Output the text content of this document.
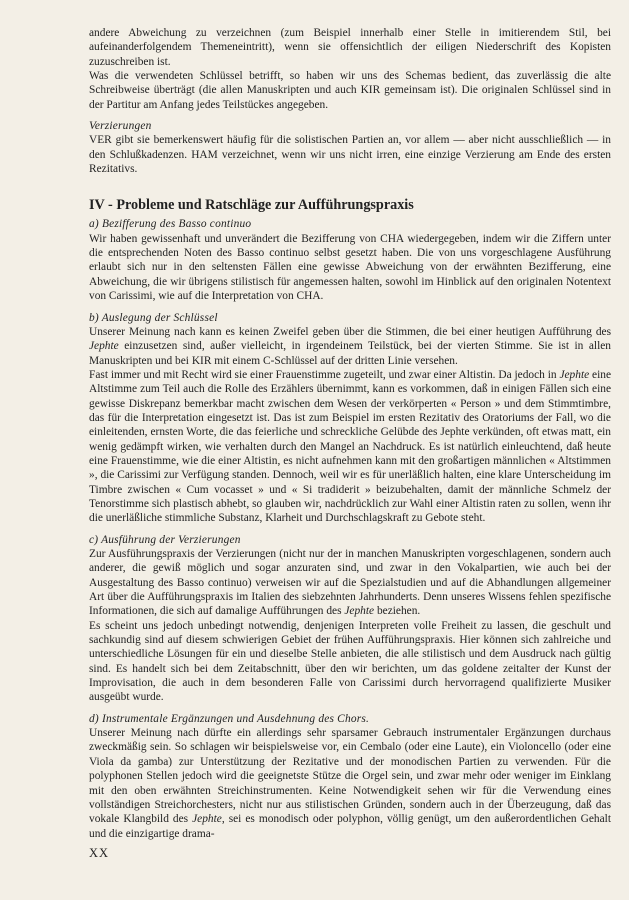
andere Abweichung zu verzeichnen (zum Beispiel innerhalb einer Stelle in imitierendem Stil, bei aufeinanderfolgendem Themeneintritt), wenn sie offensichtlich der eiligen Niederschrift des Kopisten zuzuschreiben ist.

Was die verwendeten Schlüssel betrifft, so haben wir uns des Schemas bedient, das zuverlässig die alte Schreibweise überträgt (die allen Manuskripten und auch KIR gemeinsam ist). Die originalen Schlüssel sind in der Partitur am Anfang jedes Teilstückes angegeben.

Verzierungen

VER gibt sie bemerkenswert häufig für die solistischen Partien an, vor allem — aber nicht ausschließlich — in den Schlußkadenzen. HAM verzeichnet, wenn wir uns nicht irren, eine einzige Verzierung am Ende des ersten Rezitativs.

IV - Probleme und Ratschläge zur Aufführungspraxis

a) Bezifferung des Basso continuo

Wir haben gewissenhaft und unverändert die Bezifferung von CHA wiedergegeben, indem wir die Ziffern unter die entsprechenden Noten des Basso continuo selbst gesetzt haben. Die von uns vorgeschlagene Ausführung erlaubt sich nur in den seltensten Fällen eine gewisse Abweichung von der erwähnten Bezifferung, eine Abweichung, die wir übrigens stilistisch für angemessen halten, sowohl im Hinblick auf den originalen Notentext von Carissimi, wie auf die Interpretation von CHA.

b) Auslegung der Schlüssel

Unserer Meinung nach kann es keinen Zweifel geben über die Stimmen, die bei einer heutigen Aufführung des Jephte einzusetzen sind, außer vielleicht, in irgendeinem Teilstück, bei der vierten Stimme. Sie ist in allen Manuskripten und bei KIR mit einem C-Schlüssel auf der dritten Linie versehen.

Fast immer und mit Recht wird sie einer Frauenstimme zugeteilt, und zwar einer Altistin. Da jedoch in Jephte eine Altstimme zum Teil auch die Rolle des Erzählers übernimmt, kann es vorkommen, daß in einigen Fällen sich eine gewisse Diskrepanz bemerkbar macht zwischen dem Wesen der verkörperten « Person » und dem Stimmtimbre, das für die Interpretation eingesetzt ist. Das ist zum Beispiel im ersten Rezitativ des Oratoriums der Fall, wo die einleitenden, ernsten Worte, die das feierliche und schreckliche Gelübde des Jephte verkünden, oft etwas matt, ein wenig gedämpft wirken, wie verhalten durch den Mangel an Nachdruck. Es ist natürlich einleuchtend, daß heute eine Frauenstimme, wie die einer Altistin, es nicht aufnehmen kann mit den großartigen männlichen « Altstimmen », die Carissimi zur Verfügung standen. Dennoch, weil wir es für unerläßlich halten, eine klare Unterscheidung im Timbre zwischen « Cum vocasset » und « Si tradiderit » beizubehalten, damit der männliche Schmelz der Tenorstimme sich plastisch abhebt, so glauben wir, nachdrücklich zur Wahl einer Altistin raten zu sollen, wenn ihr die unerläßliche stimmliche Substanz, Klarheit und Durchschlagskraft zu Gebote steht.

c) Ausführung der Verzierungen

Zur Ausführungspraxis der Verzierungen (nicht nur der in manchen Manuskripten vorgeschlagenen, sondern auch anderer, die gewiß möglich und sogar anzuraten sind, und zwar in den Vokalpartien, wie auch bei der Ausgestaltung des Basso continuo) verweisen wir auf die Spezialstudien und auf die Abhandlungen allgemeiner Art über die Aufführungspraxis im Italien des siebzehnten Jahrhunderts. Denn unseres Wissens fehlen spezifische Informationen, die sich auf damalige Aufführungen des Jephte beziehen.

Es scheint uns jedoch unbedingt notwendig, denjenigen Interpreten volle Freiheit zu lassen, die geschult und sachkundig sind auf diesem schwierigen Gebiet der frühen Aufführungspraxis. Hier können sich zahlreiche und unterschiedliche Lösungen für ein und dieselbe Stelle anbieten, die alle stilistisch und dem Ausdruck nach gültig sind. Es handelt sich bei dem Zeitabschnitt, über den wir berichten, um das goldene zeitalter der Kunst der Improvisation, die auch in dem besonderen Falle von Carissimi durch hervorragend qualifizierte Musiker ausgeübt wurde.

d) Instrumentale Ergänzungen und Ausdehnung des Chors.

Unserer Meinung nach dürfte ein allerdings sehr sparsamer Gebrauch instrumentaler Ergänzungen durchaus zweckmäßig sein. So schlagen wir beispielsweise vor, ein Cembalo (oder eine Laute), ein Violoncello (oder eine Viola da gamba) zur Unterstützung der Rezitative und der monodischen Partien zu verwenden. Für die polyphonen Stellen jedoch wird die geeignetste Stütze die Orgel sein, und zwar mehr oder weniger im Einklang mit den oben erwähnten Streichinstrumenten. Keine Notwendigkeit sehen wir für die Verwendung eines vollständigen Streichorchesters, nicht nur aus stilistischen Gründen, sondern auch in der Überzeugung, daß das vokale Klangbild des Jephte, sei es monodisch oder polyphon, völlig genügt, um den außerordentlichen Gehalt und die einzigartige drama-

XX
